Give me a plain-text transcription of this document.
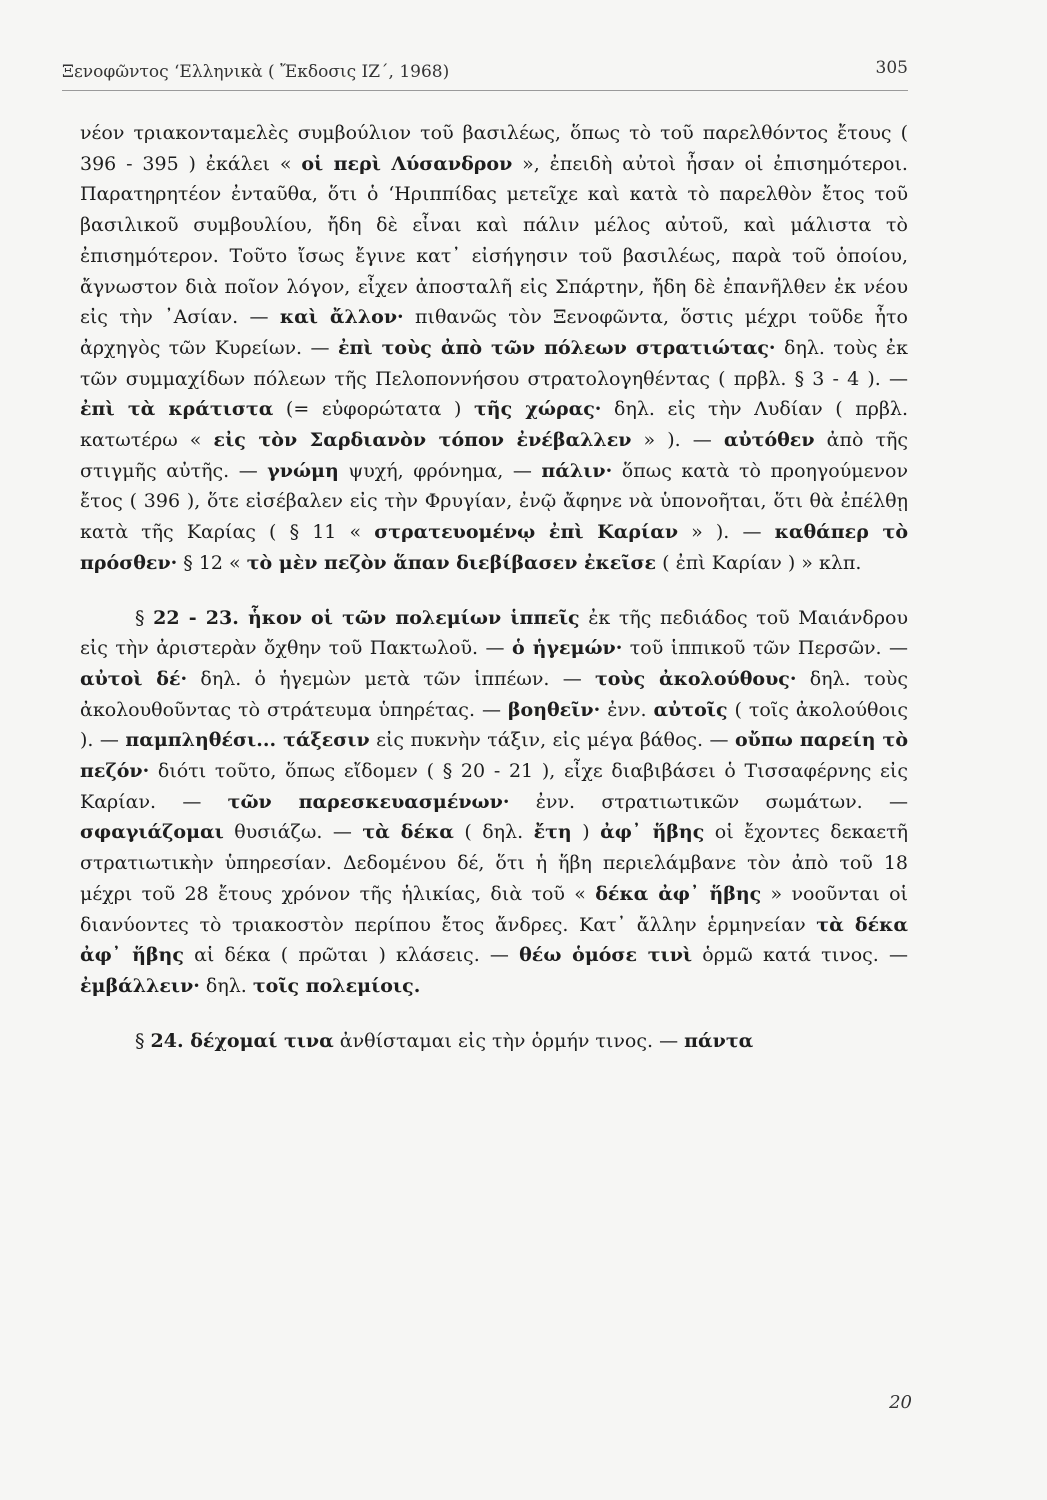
Ξενοφῶντος ‘Ελληνικὰ ( Ἔκδοσις ΙΖ΄, 1968)	305

νέον τριακονταμελὲς συμβούλιον τοῦ βασιλέως, ὅπως τὸ τοῦ παρελθόντος ἔτους ( 396 - 395 ) ἐκάλει « οἱ περὶ Λύσανδρον », ἐπειδὴ αὐτοὶ ἦσαν οἱ ἐπισημότεροι. Παρατηρητέον ἐνταῦθα, ὅτι ὁ ‘Ηριππίδας μετεῖχε καὶ κατὰ τὸ παρελθὸν ἔτος τοῦ βασιλικοῦ συμβουλίου, ἤδη δὲ εἶναι καὶ πάλιν μέλος αὐτοῦ, καὶ μάλιστα τὸ ἐπισημότερον. Τοῦτο ἴσως ἔγινε κατ᾽ εἰσήγησιν τοῦ βασιλέως, παρὰ τοῦ ὁποίου, ἄγνωστον διὰ ποῖον λόγον, εἶχεν ἀποσταλῆ εἰς Σπάρτην, ἤδη δὲ ἐπανῆλθεν ἐκ νέου εἰς τὴν ᾽Ασίαν. — καὶ ἄλλον· πιθανῶς τὸν Ξενοφῶντα, ὅστις μέχρι τοῦδε ἦτο ἀρχηγὸς τῶν Κυρείων. — ἐπὶ τοὺς ἀπὸ τῶν πόλεων στρατιώτας· δηλ. τοὺς ἐκ τῶν συμμαχίδων πόλεων τῆς Πελοποννήσου στρατολογηθέντας ( πρβλ. § 3 - 4 ). — ἐπὶ τὰ κράτιστα (= εὐφορώτατα ) τῆς χώρας· δηλ. εἰς τὴν Λυδίαν ( πρβλ. κατωτέρω « εἰς τὸν Σαρδιανὸν τόπον ἐνέβαλλεν » ). — αὐτόθεν ἀπὸ τῆς στιγμῆς αὐτῆς. — γνώμη ψυχή, φρόνημα, — πάλιν· ὅπως κατὰ τὸ προηγούμενον ἔτος ( 396 ), ὅτε εἰσέβαλεν εἰς τὴν Φρυγίαν, ἐνῷ ἄφηνε νὰ ὑπονοῆται, ὅτι θὰ ἐπέλθῃ κατὰ τῆς Καρίας ( § 11 « στρατευομένῳ ἐπὶ Καρίαν » ). — καθάπερ τὸ πρόσθεν· § 12 « τὸ μὲν πεζὸν ἅπαν διεβίβασεν ἐκεῖσε ( ἐπὶ Καρίαν ) » κλπ.

§ 22 - 23. ἧκον οἱ τῶν πολεμίων ἱππεῖς ἐκ τῆς πεδιάδος τοῦ Μαιάνδρου εἰς τὴν ἀριστερὰν ὄχθην τοῦ Πακτωλοῦ. — ὁ ἡγεμών· τοῦ ἱππικοῦ τῶν Περσῶν. — αὐτοὶ δέ· δηλ. ὁ ἡγεμὼν μετὰ τῶν ἱππέων. — τοὺς ἀκολούθους· δηλ. τοὺς ἀκολουθοῦντας τὸ στράτευμα ὑπηρέτας. — βοηθεῖν· ἐνν. αὐτοῖς ( τοῖς ἀκολούθοις ). — παμπληθέσι... τάξεσιν εἰς πυκνὴν τάξιν, εἰς μέγα βάθος. — οὔπω παρείη τὸ πεζόν· διότι τοῦτο, ὅπως εἴδομεν ( § 20 - 21 ), εἶχε διαβιβάσει ὁ Τισσαφέρνης εἰς Καρίαν. — τῶν παρεσκευασμένων· ἐνν. στρατιωτικῶν σωμάτων. — σφαγιάζομαι θυσιάζω. — τὰ δέκα ( δηλ. ἔτη ) ἀφ᾽ ἥβης οἱ ἔχοντες δεκαετῆ στρατιωτικὴν ὑπηρεσίαν. Δεδομένου δέ, ὅτι ἡ ἥβη περιελάμβανε τὸν ἀπὸ τοῦ 18 μέχρι τοῦ 28 ἔτους χρόνον τῆς ἡλικίας, διὰ τοῦ « δέκα ἀφ᾽ ἥβης » νοοῦνται οἱ διανύοντες τὸ τριακοστὸν περίπου ἔτος ἄνδρες. Κατ᾽ ἄλλην ἑρμηνείαν τὰ δέκα ἀφ᾽ ἥβης αἱ δέκα ( πρῶται ) κλάσεις. — θέω ὁμόσε τινὶ ὁρμῶ κατά τινος. — ἐμβάλλειν· δηλ. τοῖς πολεμίοις.

§ 24. δέχομαί τινα ἀνθίσταμαι εἰς τὴν ὁρμήν τινος. — πάντα

20
